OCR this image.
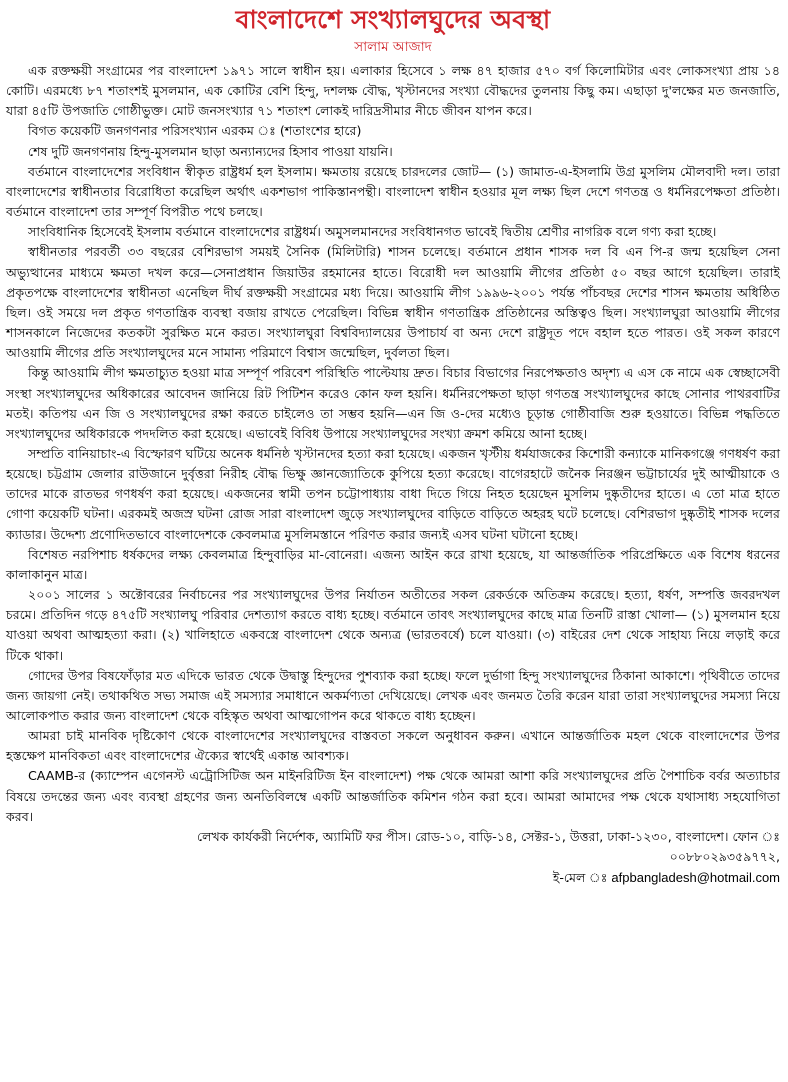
বাংলাদেশে সংখ্যালঘুদের অবস্থা
সালাম আজাদ

এক রক্তক্ষয়ী সংগ্রামের পর বাংলাদেশ ১৯৭১ সালে স্বাধীন হয়। এলাকার হিসেবে ১ লক্ষ ৪৭ হাজার ৫৭০ বর্গ কিলোমিটার এবং লোকসংখ্যা প্রায় ১৪ কোটি। এরমধ্যে ৮৭ শতাংশই মুসলমান, এক কোটির বেশি হিন্দু, দশলক্ষ বৌদ্ধ, খৃস্টানদের সংখ্যা বৌদ্ধদের তুলনায় কিছু কম। এছাড়া দু'লক্ষের মত জনজাতি, যারা ৪৫টি উপজাতি গোষ্ঠীভুক্ত। মোট জনসংখ্যার ৭১ শতাংশ লোকই দারিদ্রসীমার নীচে জীবন যাপন করে।

বিগত কয়েকটি জনগণনার পরিসংখ্যান এরকম ঃ (শতাংশের হারে)

শেষ দুটি জনগণনায় হিন্দু-মুসলমান ছাড়া অন্যান্যদের হিসাব পাওয়া যায়নি।

বর্তমানে বাংলাদেশের সংবিধান স্বীকৃত রাষ্ট্রধর্ম হল ইসলাম। ক্ষমতায় রয়েছে চারদলের জোট— (১) জামাত-এ-ইসলামি উগ্র মুসলিম মৌলবাদী দল। তারা বাংলাদেশের স্বাধীনতার বিরোধিতা করেছিল অর্থাৎ একশভাগ পাকিস্তানপন্থী। বাংলাদেশ স্বাধীন হওয়ার মূল লক্ষ্য ছিল দেশে গণতন্ত্র ও ধর্মনিরপেক্ষতা প্রতিষ্ঠা। বর্তমানে বাংলাদেশ তার সম্পূর্ণ বিপরীত পথে চলছে।

সাংবিধানিক হিসেবেই ইসলাম বর্তমানে বাংলাদেশের রাষ্ট্রধর্ম। অমুসলমানদের সংবিধানগত ভাবেই দ্বিতীয় শ্রেণীর নাগরিক বলে গণ্য করা হচ্ছে।

স্বাধীনতার পরবর্তী ৩৩ বছরের বেশিরভাগ সময়ই সৈনিক (মিলিটারি) শাসন চলেছে। বর্তমানে প্রধান শাসক দল বি এন পি-র জন্ম হয়েছিল সেনা অভ্যুত্থানের মাধ্যমে ক্ষমতা দখল করে—সেনাপ্রধান জিয়াউর রহমানের হাতে। বিরোধী দল আওয়ামি লীগের প্রতিষ্ঠা ৫০ বছর আগে হয়েছিল। তারাই প্রকৃতপক্ষে বাংলাদেশের স্বাধীনতা এনেছিল দীর্ঘ রক্তক্ষয়ী সংগ্রামের মধ্য দিয়ে। আওয়ামি লীগ ১৯৯৬-২০০১ পর্যন্ত পাঁচবছর দেশের শাসন ক্ষমতায় অধিষ্ঠিত ছিল। ওই সময়ে দল প্রকৃত গণতান্ত্রিক ব্যবস্থা বজায় রাখতে পেরেছিল। বিভিন্ন স্বাধীন গণতান্ত্রিক প্রতিষ্ঠানের অস্তিত্বও ছিল। সংখ্যালঘুরা আওয়ামি লীগের শাসনকালে নিজেদের কতকটা সুরক্ষিত মনে করত। সংখ্যালঘুরা বিশ্ববিদ্যালয়ের উপাচার্য বা অন্য দেশে রাষ্ট্রদূত পদে বহাল হতে পারত। ওই সকল কারণে আওয়ামি লীগের প্রতি সংখ্যালঘুদের মনে সামান্য পরিমাণে বিশ্বাস জন্মেছিল, দুর্বলতা ছিল।

কিন্তু আওয়ামি লীগ ক্ষমতাচ্যুত হওয়া মাত্র সম্পূর্ণ পরিবেশ পরিস্থিতি পাল্টেযায় দ্রুত। বিচার বিভাগের নিরপেক্ষতাও অদৃশ্য এ এস কে নামে এক স্বেচ্ছাসেবী সংস্থা সংখ্যালঘুদের অধিকারের আবেদন জানিয়ে রিট পিটিশন করেও কোন ফল হয়নি। ধর্মনিরপেক্ষতা ছাড়া গণতন্ত্র সংখ্যালঘুদের কাছে সোনার পাথরবাটির মতই। কতিপয় এন জি ও সংখ্যালঘুদের রক্ষা করতে চাইলেও তা সম্ভব হয়নি—এন জি ও-দের মধ্যেও চূড়ান্ত গোষ্ঠীবাজি শুরু হওয়াতে। বিভিন্ন পদ্ধতিতে সংখ্যালঘুদের অধিকারকে পদদলিত করা হয়েছে। এভাবেই বিবিধ উপায়ে সংখ্যালঘুদের সংখ্যা ক্রমশ কমিয়ে আনা হচ্ছে।

সম্প্রতি বানিয়াচাং-এ বিস্ফোরণ ঘটিয়ে অনেক ধর্মনিষ্ঠ খৃস্টানদের হত্যা করা হয়েছে। একজন খৃস্টীয় ধর্মযাজকের কিশোরী কন্যাকে মানিকগঞ্জে গণধর্ষণ করা হয়েছে। চট্টগ্রাম জেলার রাউজানে দুর্বৃত্তরা নিরীহ বৌদ্ধ ভিক্ষু জ্ঞানজ্যোতিকে কুপিয়ে হত্যা করেছে। বাগেরহাটে জনৈক নিরঞ্জন ভট্টাচার্যের দুই আত্মীয়াকে ও তাদের মাকে রাতভর গণধর্ষণ করা হয়েছে। একজনের স্বামী তপন চট্টোপাধ্যায় বাধা দিতে গিয়ে নিহত হয়েছেন মুসলিম দুষ্কৃতীদের হাতে। এ তো মাত্র হাতে গোণা কয়েকটি ঘটনা। এরকমই অজস্র ঘটনা রোজ সারা বাংলাদেশ জুড়ে সংখ্যালঘুদের বাড়িতে বাড়িতে অহরহ ঘটে চলেছে। বেশিরভাগ দুষ্কৃতীই শাসক দলের ক্যাডার। উদ্দেশ্য প্রণোদিতভাবে বাংলাদেশকে কেবলমাত্র মুসলিমস্তানে পরিণত করার জন্যই এসব ঘটনা ঘটানো হচ্ছে।

বিশেষত নরপিশাচ ধর্ষকদের লক্ষ্য কেবলমাত্র হিন্দুবাড়ির মা-বোনেরা। এজন্য আইন করে রাখা হয়েছে, যা আন্তর্জাতিক পরিপ্রেক্ষিতে এক বিশেষ ধরনের কালাকানুন মাত্র।

২০০১ সালের ১ অক্টোবরের নির্বাচনের পর সংখ্যালঘুদের উপর নির্যাতন অতীতের সকল রেকর্ডকে অতিক্রম করেছে। হত্যা, ধর্ষণ, সম্পত্তি জবরদখল চরমে। প্রতিদিন গড়ে ৪৭৫টি সংখ্যালঘু পরিবার দেশত্যাগ করতে বাধ্য হচ্ছে। বর্তমানে তাবৎ সংখ্যালঘুদের কাছে মাত্র তিনটি রাস্তা খোলা— (১) মুসলমান হয়ে যাওয়া অথবা আত্মহত্যা করা। (২) খালিহাতে একবস্ত্রে বাংলাদেশ থেকে অন্যত্র (ভারতবর্ষে) চলে যাওয়া। (৩) বাইরের দেশ থেকে সাহায্য নিয়ে লড়াই করে টিকে থাকা।

গোদের উপর বিষফোঁড়ার মত এদিকে ভারত থেকে উদ্বাস্তু হিন্দুদের পুশব্যাক করা হচ্ছে। ফলে দুর্ভাগা হিন্দু সংখ্যালঘুদের ঠিকানা আকাশে। পৃথিবীতে তাদের জন্য জায়গা নেই। তথাকথিত সভ্য সমাজ এই সমস্যার সমাধানে অকর্মণ্যতা দেখিয়েছে। লেখক এবং জনমত তৈরি করেন যারা তারা সংখ্যালঘুদের সমস্যা নিয়ে আলোকপাত করার জন্য বাংলাদেশ থেকে বহিস্কৃত অথবা আত্মগোপন করে থাকতে বাধ্য হচ্ছেন।

আমরা চাই মানবিক দৃষ্টিকোণ থেকে বাংলাদেশের সংখ্যালঘুদের বাস্তবতা সকলে অনুধাবন করুন। এখানে আন্তর্জাতিক মহল থেকে বাংলাদেশের উপর হস্তক্ষেপ মানবিকতা এবং বাংলাদেশের ঐক্যের স্বার্থেই একান্ত আবশ্যক।

CAAMB-র (ক্যাম্পেন এগেনস্ট এট্রোসিটিজ অন মাইনরিটিজ ইন বাংলাদেশ) পক্ষ থেকে আমরা আশা করি সংখ্যালঘুদের প্রতি পৈশাচিক বর্বর অত্যাচার বিষয়ে তদন্তের জন্য এবং ব্যবস্থা গ্রহণের জন্য অনতিবিলম্বে একটি আন্তর্জাতিক কমিশন গঠন করা হবে। আমরা আমাদের পক্ষ থেকে যথাসাধ্য সহযোগিতা করব।

লেখক কার্যকরী নির্দেশক, অ্যামিটি ফর পীস। রোড-১০, বাড়ি-১৪, সেক্টর-১, উত্তরা, ঢাকা-১২৩০, বাংলাদেশ। ফোন ঃ
০০৮৮০২৯৩৫৯৭৭২,
ই-মেল ঃ afpbangladesh@hotmail.com
